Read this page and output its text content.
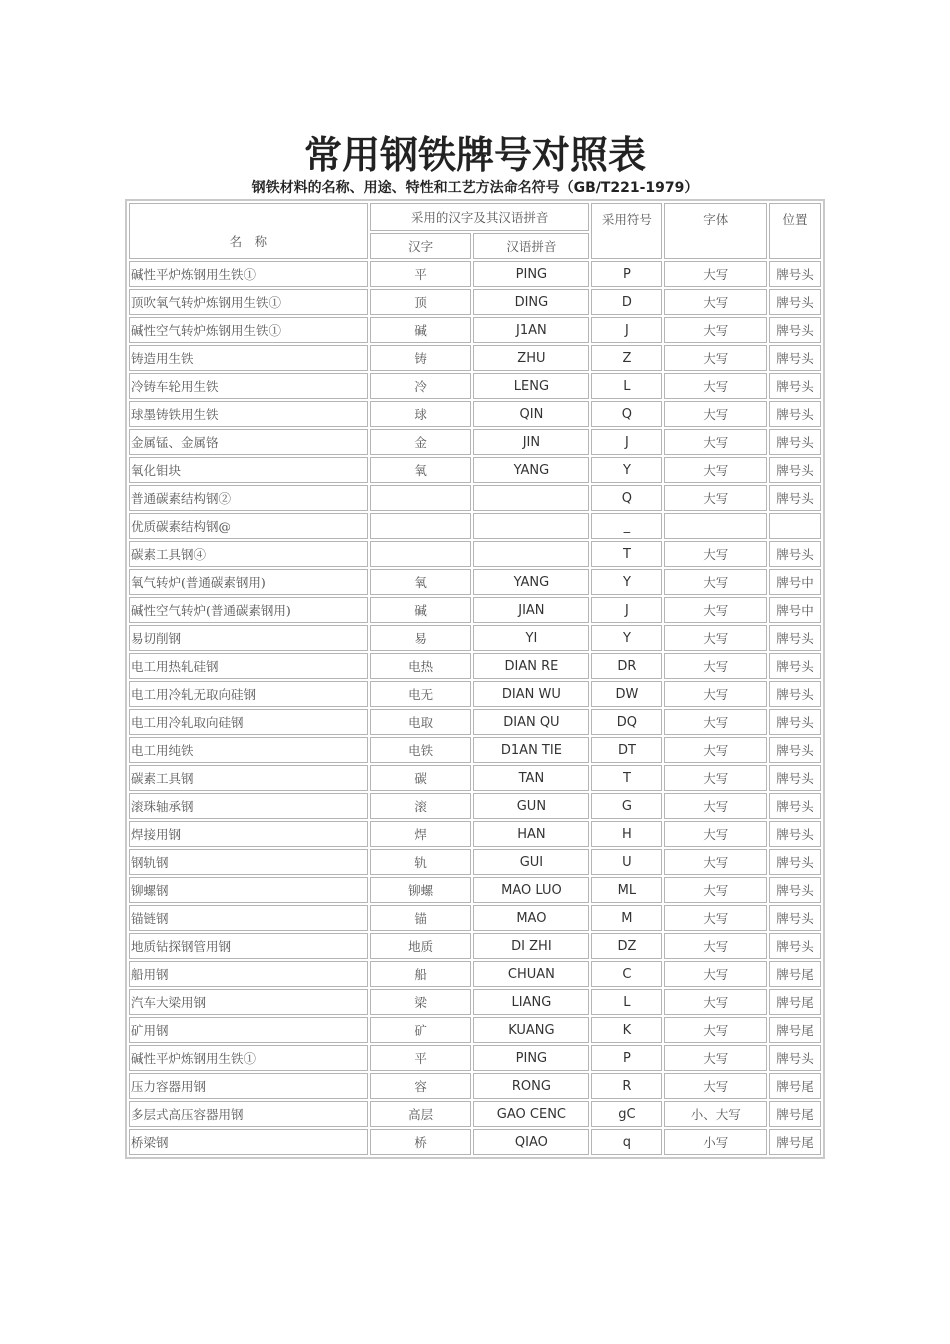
常用钢铁牌号对照表
钢铁材料的名称、用途、特性和工艺方法命名符号（GB/T221-1979）
名　称	采用的汉字及其汉语拼音		采用符号	字体	位置
	汉字	汉语拼音			
碱性平炉炼钢用生铁①	平	PING	P	大写	牌号头
顶吹氧气转炉炼钢用生铁①	顶	DING	D	大写	牌号头
碱性空气转炉炼钢用生铁①	碱	J1AN	J	大写	牌号头
铸造用生铁	铸	ZHU	Z	大写	牌号头
冷铸车轮用生铁	冷	LENG	L	大写	牌号头
球墨铸铁用生铁	球	QIN	Q	大写	牌号头
金属锰、金属铬	金	JIN	J	大写	牌号头
氧化钼块	氧	YANG	Y	大写	牌号头
普通碳素结构钢②			Q	大写	牌号头
优质碳素结构钢@			_		
碳素工具钢④			T	大写	牌号头
氧气转炉(普通碳素钢用)	氧	YANG	Y	大写	牌号中
碱性空气转炉(普通碳素钢用)	碱	JIAN	J	大写	牌号中
易切削钢	易	YI	Y	大写	牌号头
电工用热轧硅钢	电热	DIAN RE	DR	大写	牌号头
电工用冷轧无取向硅钢	电无	DIAN WU	DW	大写	牌号头
电工用冷轧取向硅钢	电取	DIAN QU	DQ	大写	牌号头
电工用纯铁	电铁	D1AN TIE	DT	大写	牌号头
碳素工具钢	碳	TAN	T	大写	牌号头
滚珠轴承钢	滚	GUN	G	大写	牌号头
焊接用钢	焊	HAN	H	大写	牌号头
钢轨钢	轨	GUI	U	大写	牌号头
铆螺钢	铆螺	MAO LUO	ML	大写	牌号头
锚链钢	锚	MAO	M	大写	牌号头
地质钻探钢管用钢	地质	DI ZHI	DZ	大写	牌号头
船用钢	船	CHUAN	C	大写	牌号尾
汽车大梁用钢	梁	LIANG	L	大写	牌号尾
矿用钢	矿	KUANG	K	大写	牌号尾
碱性平炉炼钢用生铁①	平	PING	P	大写	牌号头
压力容器用钢	容	RONG	R	大写	牌号尾
多层式高压容器用钢	高层	GAO CENC	gC	小、大写	牌号尾
桥梁钢	桥	QIAO	q	小写	牌号尾
